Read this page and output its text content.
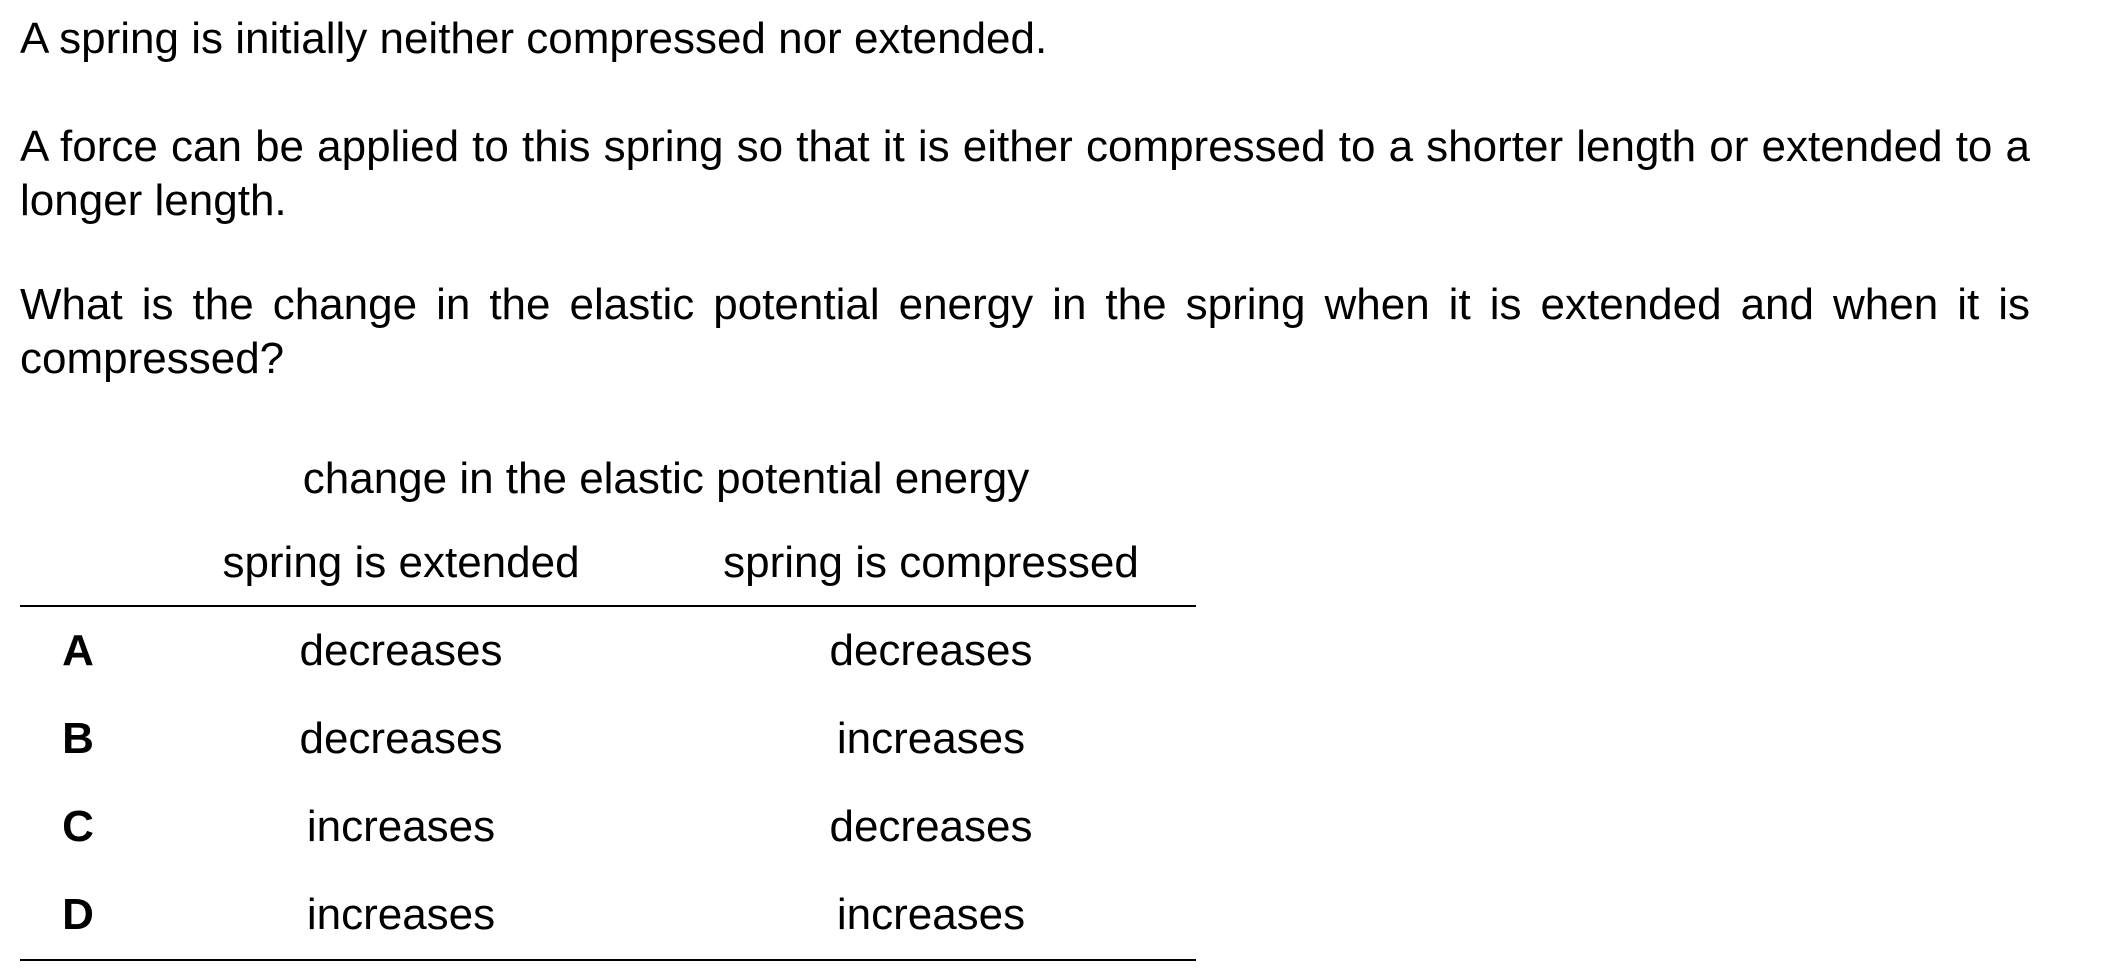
A spring is initially neither compressed nor extended.

A force can be applied to this spring so that it is either compressed to a shorter length or extended to a longer length.

What is the change in the elastic potential energy in the spring when it is extended and when it is compressed?

	change in the elastic potential energy	
	spring is extended	spring is compressed
A	decreases	decreases
B	decreases	increases
C	increases	decreases
D	increases	increases
